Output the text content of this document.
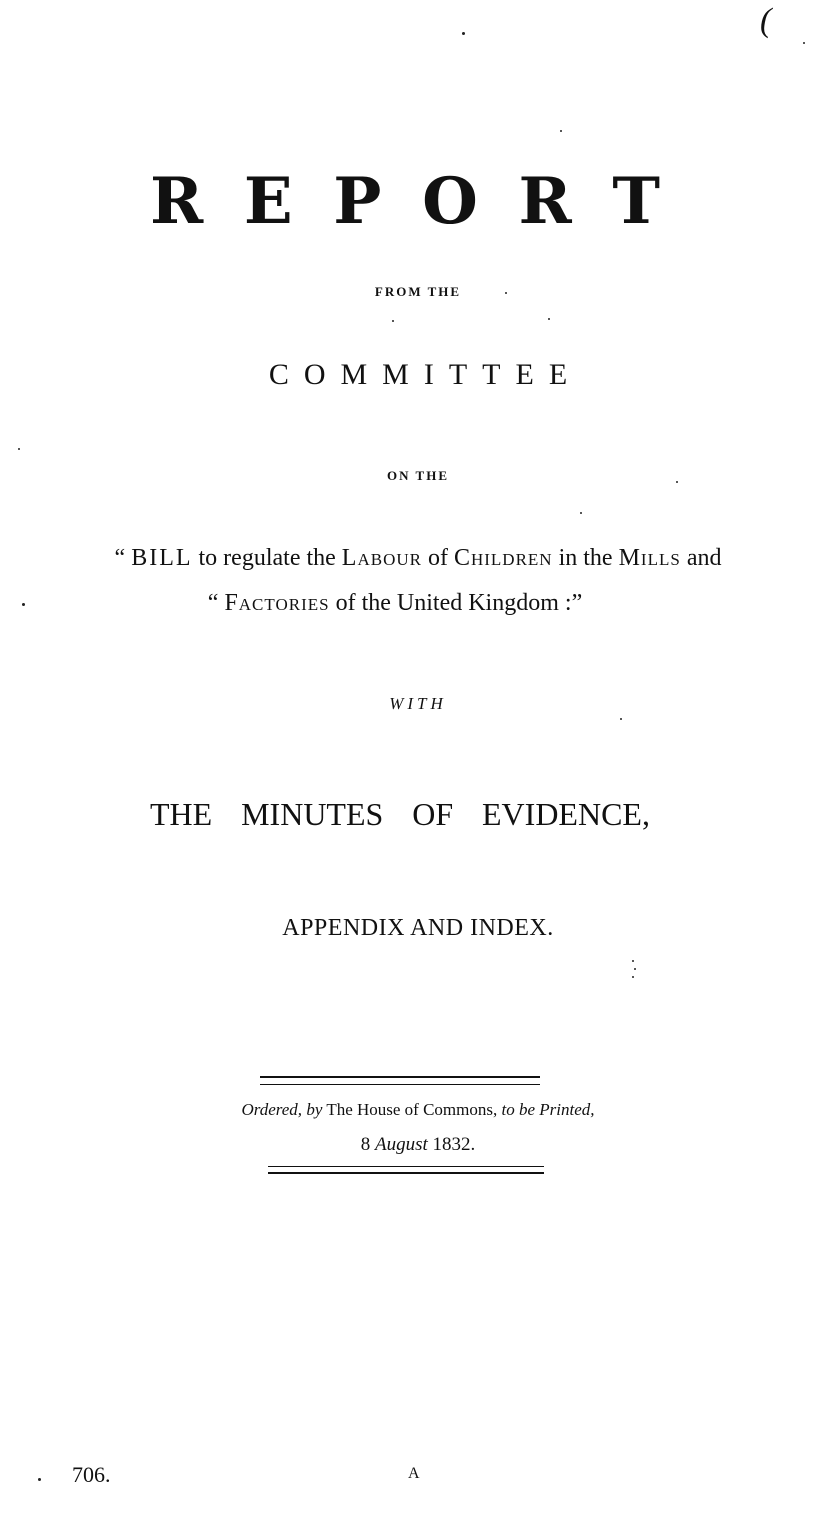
(
R E P O R T
FROM THE
COMMITTEE
ON THE
“ BILL to regulate the Labour of Children in the Mills and
“ Factories of the United Kingdom :”
WITH
THE MINUTES OF EVIDENCE,
APPENDIX AND INDEX.
Ordered, by The House of Commons, to be Printed,
8 August 1832.
706.	A
